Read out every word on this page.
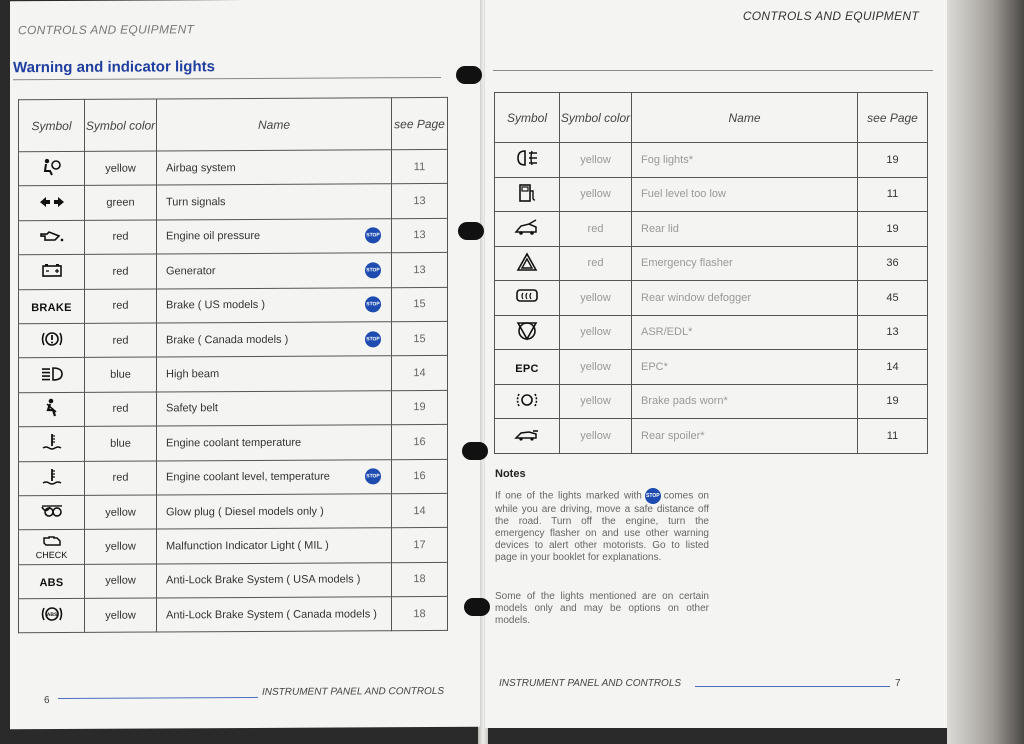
CONTROLS AND EQUIPMENT
Warning and indicator lights
Symbol	Symbol color	Name	see Page
	yellow	Airbag system	11
	green	Turn signals	13
	red	Engine oil pressure STOP	13
	red	Generator STOP	13
BRAKE	red	Brake ( US models ) STOP	15
	red	Brake ( Canada models ) STOP	15
	blue	High beam	14
	red	Safety belt	19
	blue	Engine coolant temperature	16
	red	Engine coolant level, temperature STOP	16
	yellow	Glow plug ( Diesel models only )	14

CHECK	yellow	Malfunction Indicator Light ( MIL )	17
ABS	yellow	Anti-Lock Brake System ( USA models )	18

ABS	yellow	Anti-Lock Brake System ( Canada models )	18
6
INSTRUMENT PANEL AND CONTROLS
CONTROLS AND EQUIPMENT
Symbol	Symbol color	Name	see Page
	yellow	Fog lights*	19
	yellow	Fuel level too low	11
	red	Rear lid	19
	red	Emergency flasher	36
	yellow	Rear window defogger	45
	yellow	ASR/EDL*	13
EPC	yellow	EPC*	14
	yellow	Brake pads worn*	19
	yellow	Rear spoiler*	11
Notes
If one of the lights marked with STOP comes on while you are driving, move a safe distance off the road. Turn off the engine, turn the emergency flasher on and use other warning devices to alert other motorists. Go to listed page in your booklet for explanations.
Some of the lights mentioned are on certain models only and may be options on other models.
INSTRUMENT PANEL AND CONTROLS	7
